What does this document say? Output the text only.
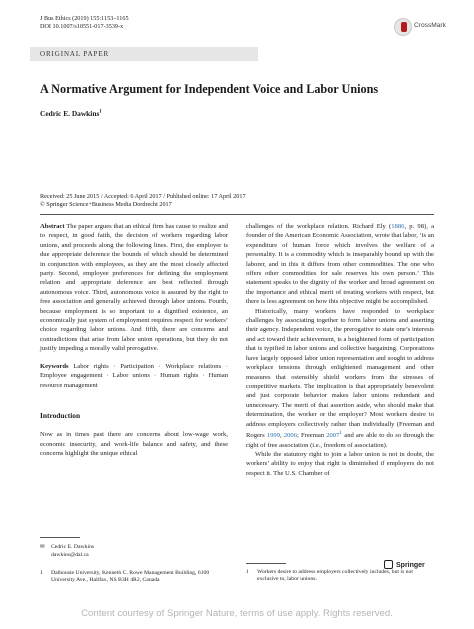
J Bus Ethics (2019) 155:1153–1165
DOI 10.1007/s10551-017-3539-x
ORIGINAL PAPER
CrossMark
A Normative Argument for Independent Voice and Labor Unions
Cedric E. Dawkins$^1$
Received: 25 June 2015 / Accepted: 6 April 2017 / Published online: 17 April 2017
© Springer Science+Business Media Dordrecht 2017

Abstract The paper argues that an ethical firm has cause to realize and to respect, in good faith, the decision of workers regarding labor unions, and proceeds along the following lines. First, the employer is due appropriate deference the bounds of which should be determined in conjunction with employees, as they are the most closely affected party. Second, employee preferences for defining the employment relation and appropriate deference are best reflected through autonomous voice. Third, autonomous voice is assured by the right to free association and generally achieved through labor unions. Fourth, because employment is so important to a dignified existence, an economically just system of employment requires respect for workers’ choice regarding labor unions. And fifth, there are concerns and contradictions that arise from labor union operations, but they do not justify impeding a morally valid prerogative.

Keywords Labor rights · Participation · Workplace relations · Employee engagement · Labor unions · Human rights · Human resource management

Introduction

Now as in times past there are concerns about low-wage work, economic insecurity, and work-life balance and safety, and these concerns highlight the unique ethical

✉ Cedric E. Dawkins
dawkins@dal.ca
1 Dalhousie University, Kenneth C. Rowe Management Building, 6100 University Ave., Halifax, NS B3H 4R2, Canada

challenges of the workplace relation. Richard Ely (1886, p. 98), a founder of the American Economic Association, wrote that labor, ‘is an expenditure of human force which involves the welfare of a personality. It is a commodity which is inseparably bound up with the laborer, and in this it differs from other commodities. The one who offers other commodities for sale reserves his own person.’ This statement speaks to the dignity of the worker and broad agreement on the importance and ethical merit of treating workers with respect, but there is less agreement on how this objective might be accomplished.

Historically, many workers have responded to workplace challenges by associating together to form labor unions and asserting their agency. Independent voice, the prerogative to state one’s interests and act toward their achievement, is a heightened form of participation that is typified in labor unions and collective bargaining. Corporations have largely opposed labor union representation and sought to address workplace tensions through enlightened management and other measures that ostensibly shield workers from the stresses of competitive markets. The implication is that appropriately benevolent and just corporate behavior makes labor unions redundant and unnecessary. The merit of that assertion aside, who should make that determination, the worker or the employer? Most workers desire to address employers collectively rather than individually (Freeman and Rogers 1999, 2006; Freeman 2007$^1$ and are able to do so through the right of free association (i.e., freedom of association).

While the statutory right to join a labor union is not in doubt, the workers’ ability to enjoy that right is diminished if employers do not respect it. The U.S. Chamber of

1 Workers desire to address employers collectively includes, but is not exclusive to, labor unions.
Springer
Content courtesy of Springer Nature, terms of use apply. Rights reserved.
